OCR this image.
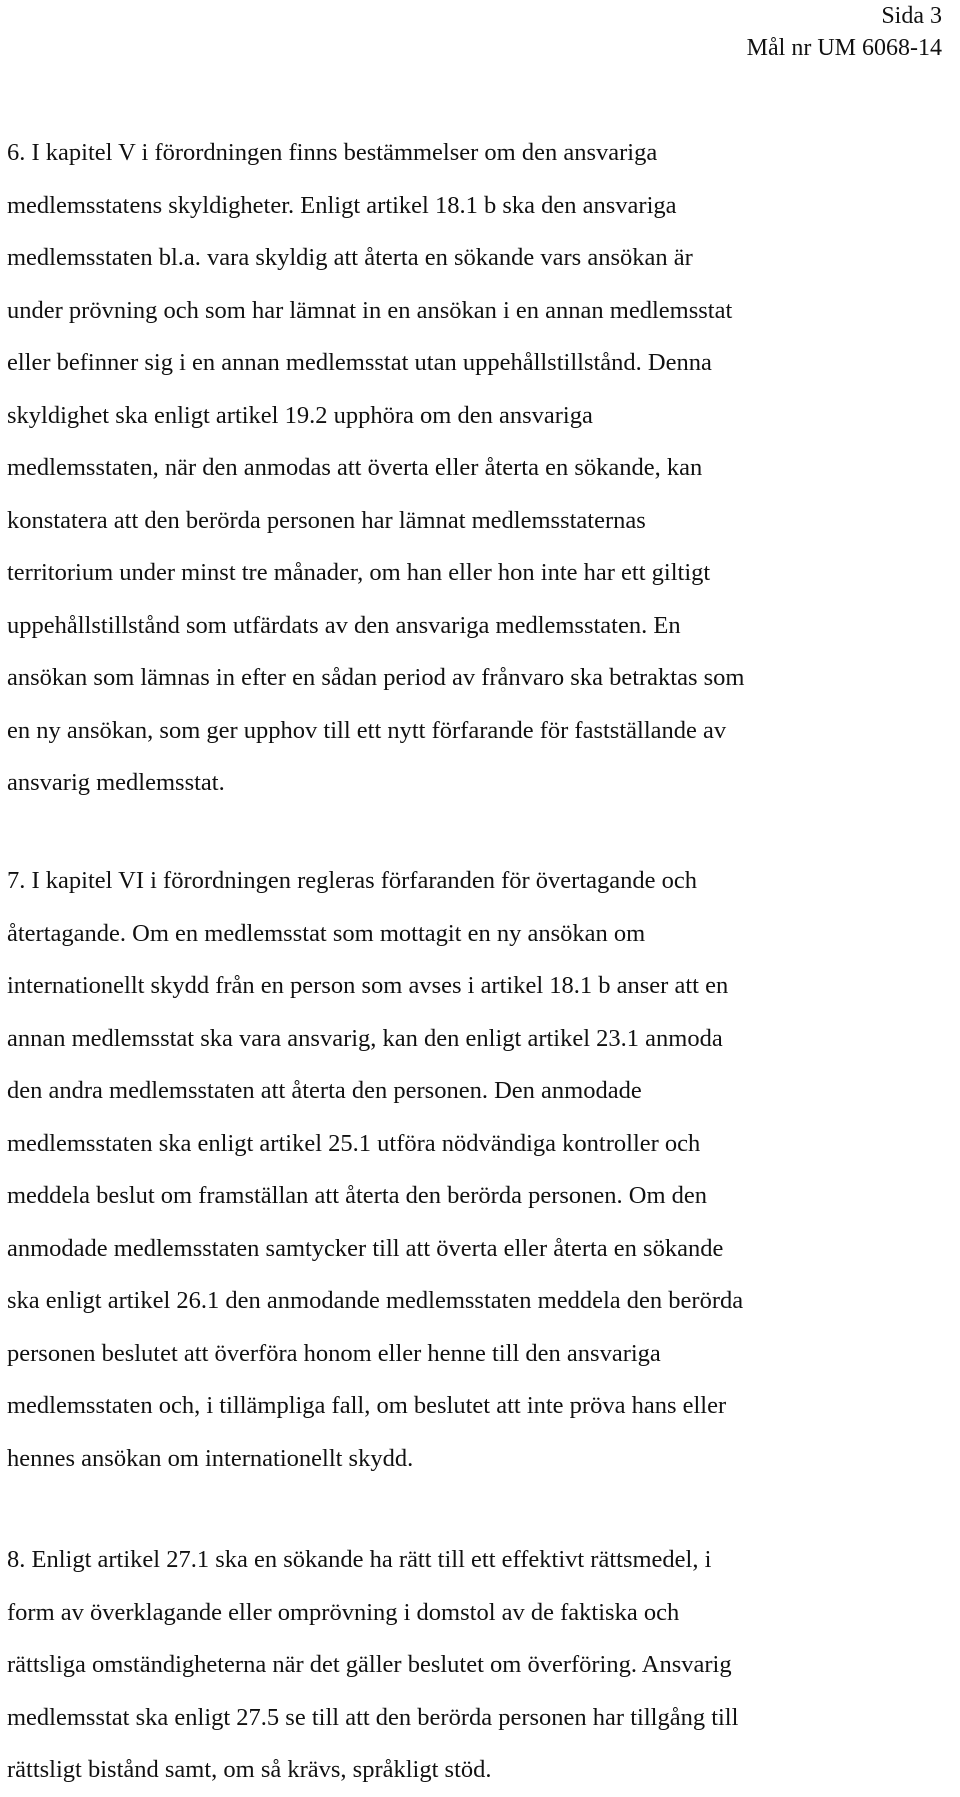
Sida 3
Mål nr UM 6068-14
6. I kapitel V i förordningen finns bestämmelser om den ansvariga
medlemsstatens skyldigheter. Enligt artikel 18.1 b ska den ansvariga
medlemsstaten bl.a. vara skyldig att återta en sökande vars ansökan är
under prövning och som har lämnat in en ansökan i en annan medlemsstat
eller befinner sig i en annan medlemsstat utan uppehållstillstånd. Denna
skyldighet ska enligt artikel 19.2 upphöra om den ansvariga
medlemsstaten, när den anmodas att överta eller återta en sökande, kan
konstatera att den berörda personen har lämnat medlemsstaternas
territorium under minst tre månader, om han eller hon inte har ett giltigt
uppehållstillstånd som utfärdats av den ansvariga medlemsstaten. En
ansökan som lämnas in efter en sådan period av frånvaro ska betraktas som
en ny ansökan, som ger upphov till ett nytt förfarande för fastställande av
ansvarig medlemsstat.
7. I kapitel VI i förordningen regleras förfaranden för övertagande och
återtagande. Om en medlemsstat som mottagit en ny ansökan om
internationellt skydd från en person som avses i artikel 18.1 b anser att en
annan medlemsstat ska vara ansvarig, kan den enligt artikel 23.1 anmoda
den andra medlemsstaten att återta den personen. Den anmodade
medlemsstaten ska enligt artikel 25.1 utföra nödvändiga kontroller och
meddela beslut om framställan att återta den berörda personen. Om den
anmodade medlemsstaten samtycker till att överta eller återta en sökande
ska enligt artikel 26.1 den anmodande medlemsstaten meddela den berörda
personen beslutet att överföra honom eller henne till den ansvariga
medlemsstaten och, i tillämpliga fall, om beslutet att inte pröva hans eller
hennes ansökan om internationellt skydd.
8. Enligt artikel 27.1 ska en sökande ha rätt till ett effektivt rättsmedel, i
form av överklagande eller omprövning i domstol av de faktiska och
rättsliga omständigheterna när det gäller beslutet om överföring. Ansvarig
medlemsstat ska enligt 27.5 se till att den berörda personen har tillgång till
rättsligt bistånd samt, om så krävs, språkligt stöd.
